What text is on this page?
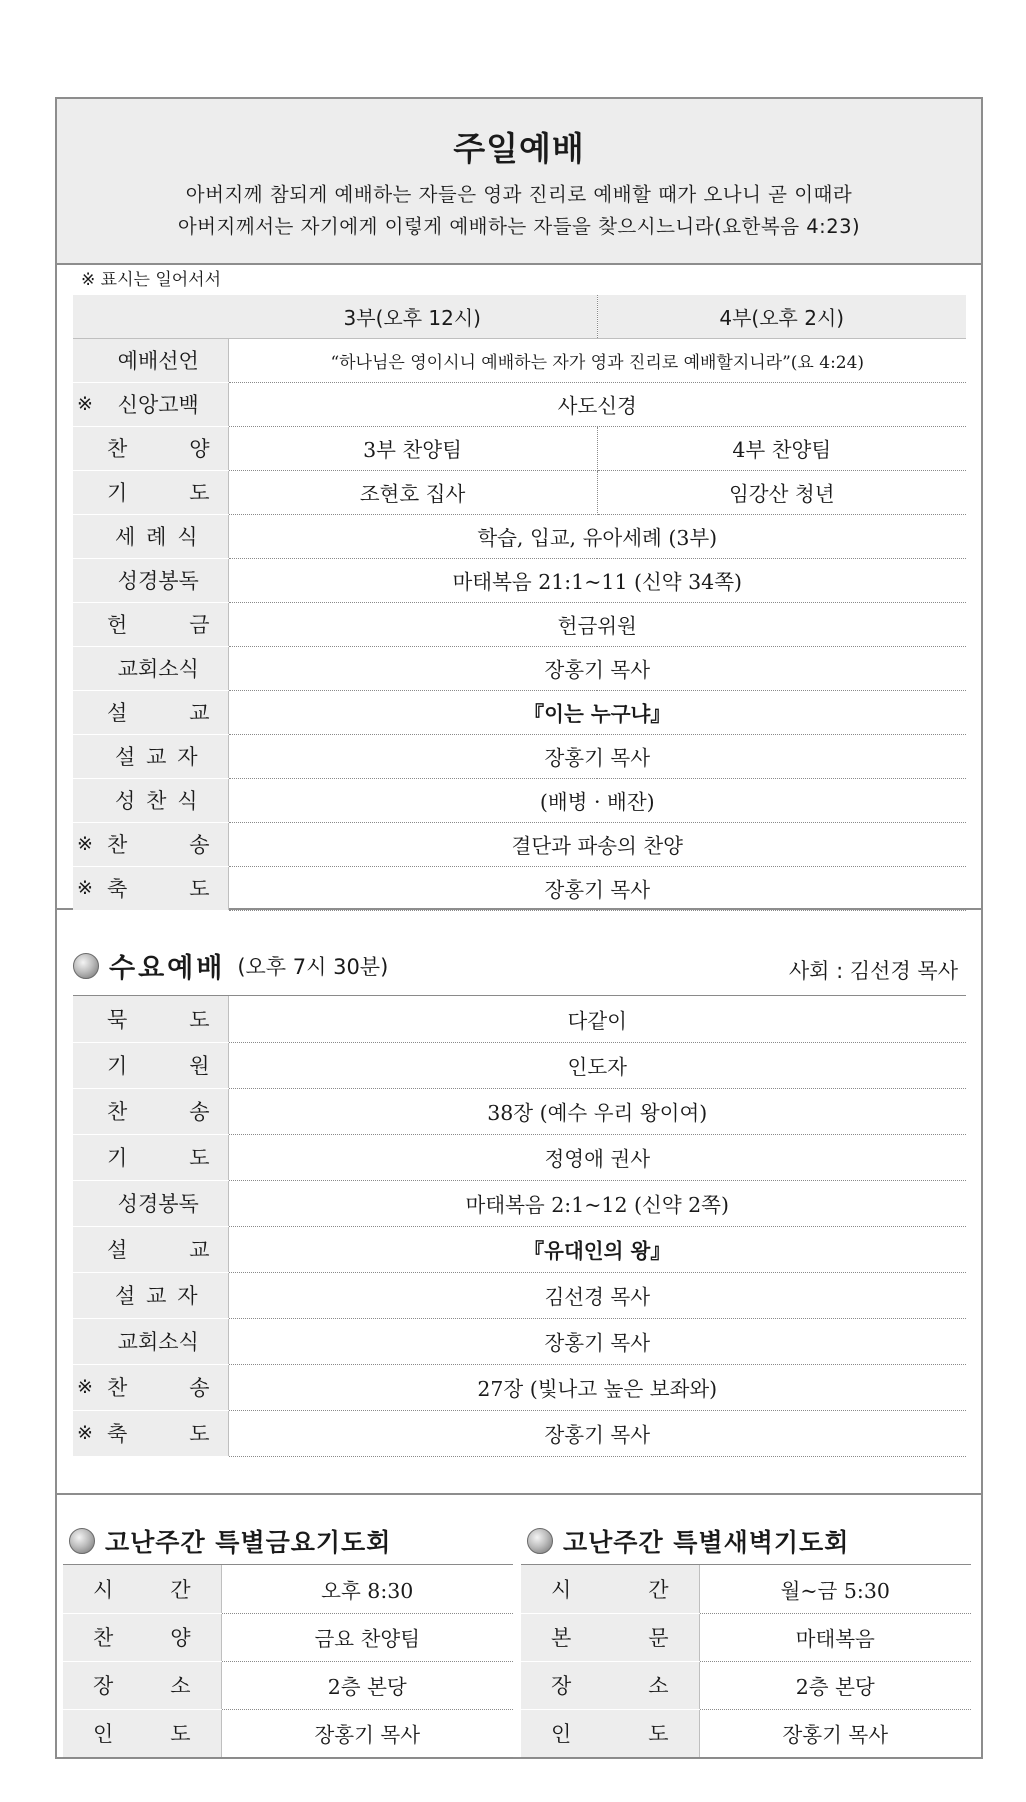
주일예배
아버지께 참되게 예배하는 자들은 영과 진리로 예배할 때가 오나니 곧 이때라
아버지께서는 자기에게 이렇게 예배하는 자들을 찾으시느니라(요한복음 4:23)
※ 표시는 일어서서
	3부(오후 12시)	4부(오후 2시)

예배선언	“하나님은 영이시니 예배하는 자가 영과 진리로 예배할지니라”(요 4:24)	

※ 신앙고백	사도신경	

찬 양	3부 찬양팀	4부 찬양팀

기 도	조현호 집사	임강산 청년

세 례 식	학습, 입교, 유아세례 (3부)	

성경봉독	마태복음 21:1~11 (신약 34쪽)	

헌 금	헌금위원	

교회소식	장홍기 목사	

설 교	『이는 누구냐』	

설 교 자	장홍기 목사	

성 찬 식	(배병 · 배잔)	

※ 찬 송	결단과 파송의 찬양	

※ 축 도	장홍기 목사	
수요예배 (오후 7시 30분)	사회 : 김선경 목사
묵 도	다같이

기 원	인도자

찬 송	38장 (예수 우리 왕이여)

기 도	정영애 권사

성경봉독	마태복음 2:1~12 (신약 2쪽)

설 교	『유대인의 왕』

설 교 자	김선경 목사

교회소식	장홍기 목사

※ 찬 송	27장 (빛나고 높은 보좌와)

※ 축 도	장홍기 목사
고난주간 특별금요기도회
시 간	오후 8:30

찬 양	금요 찬양팀

장 소	2층 본당

인 도	장홍기 목사
고난주간 특별새벽기도회
시 간	월~금 5:30

본 문	마태복음

장 소	2층 본당

인 도	장홍기 목사
